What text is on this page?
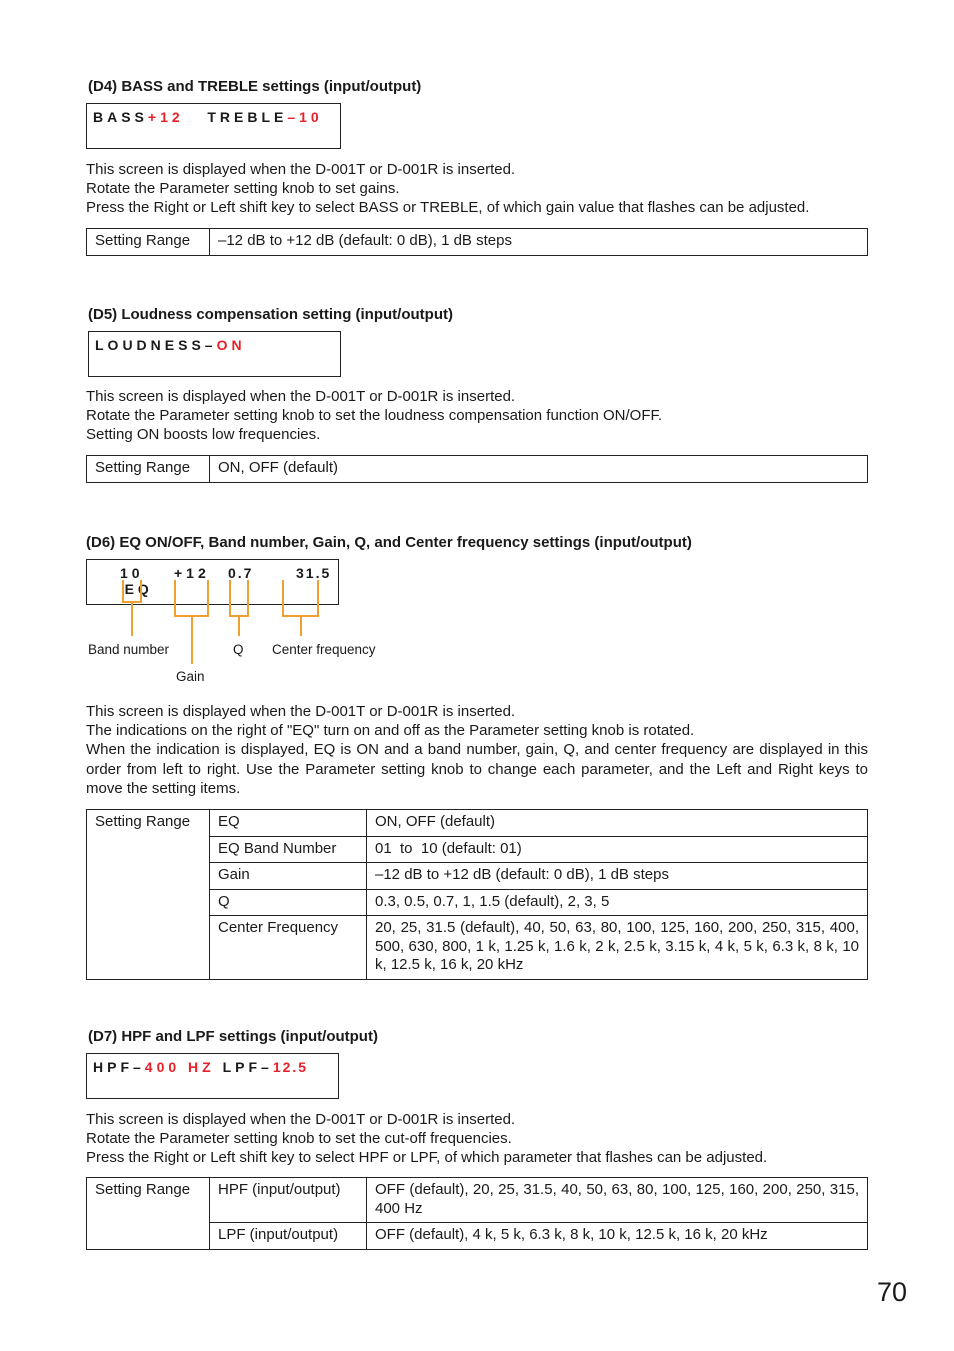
(D4) BASS and TREBLE settings (input/output)
BASS+12 TREBLE–10

This screen is displayed when the D-001T or D-001R is inserted.

Rotate the Parameter setting knob to set gains.

Press the Right or Left shift key to select BASS or TREBLE, of which gain value that flashes can be adjusted.

Setting Range	–12 dB to +12 dB (default: 0 dB), 1 dB steps
(D5) Loudness compensation setting (input/output)
LOUDNESS–ON

This screen is displayed when the D-001T or D-001R is inserted.

Rotate the Parameter setting knob to set the loudness compensation function ON/OFF.

Setting ON boosts low frequencies.

Setting Range	ON, OFF (default)
(D6) EQ ON/OFF, Band number, Gain, Q, and Center frequency settings (input/output)

EQ

10 +12 0.7	31.5
Band number
Gain
Q Center frequency

This screen is displayed when the D-001T or D-001R is inserted.

The indications on the right of "EQ" turn on and off as the Parameter setting knob is rotated.

When the indication is displayed, EQ is ON and a band number, gain, Q, and center frequency are displayed in this order from left to right. Use the Parameter setting knob to change each parameter, and the Left and Right keys to move the setting items.

Setting Range	EQ	ON, OFF (default)
	EQ Band Number	01  to  10 (default: 01)
	Gain	–12 dB to +12 dB (default: 0 dB), 1 dB steps
	Q	0.3, 0.5, 0.7, 1, 1.5 (default), 2, 3, 5
	Center Frequency	20, 25, 31.5 (default), 40, 50, 63, 80, 100, 125, 160, 200, 250, 315, 400, 500, 630, 800, 1 k, 1.25 k, 1.6 k, 2 k, 2.5 k, 3.15 k, 4 k, 5 k, 6.3 k, 8 k, 10 k, 12.5 k, 16 k, 20 kHz
(D7) HPF and LPF settings (input/output)
HPF–400 HZ LPF–12.5

This screen is displayed when the D-001T or D-001R is inserted.

Rotate the Parameter setting knob to set the cut-off frequencies.

Press the Right or Left shift key to select HPF or LPF, of which parameter that flashes can be adjusted.

Setting Range	HPF (input/output)	OFF (default), 20, 25, 31.5, 40, 50, 63, 80, 100, 125, 160, 200, 250, 315, 400 Hz
	LPF (input/output)	OFF (default), 4 k, 5 k, 6.3 k, 8 k, 10 k, 12.5 k, 16 k, 20 kHz
70
